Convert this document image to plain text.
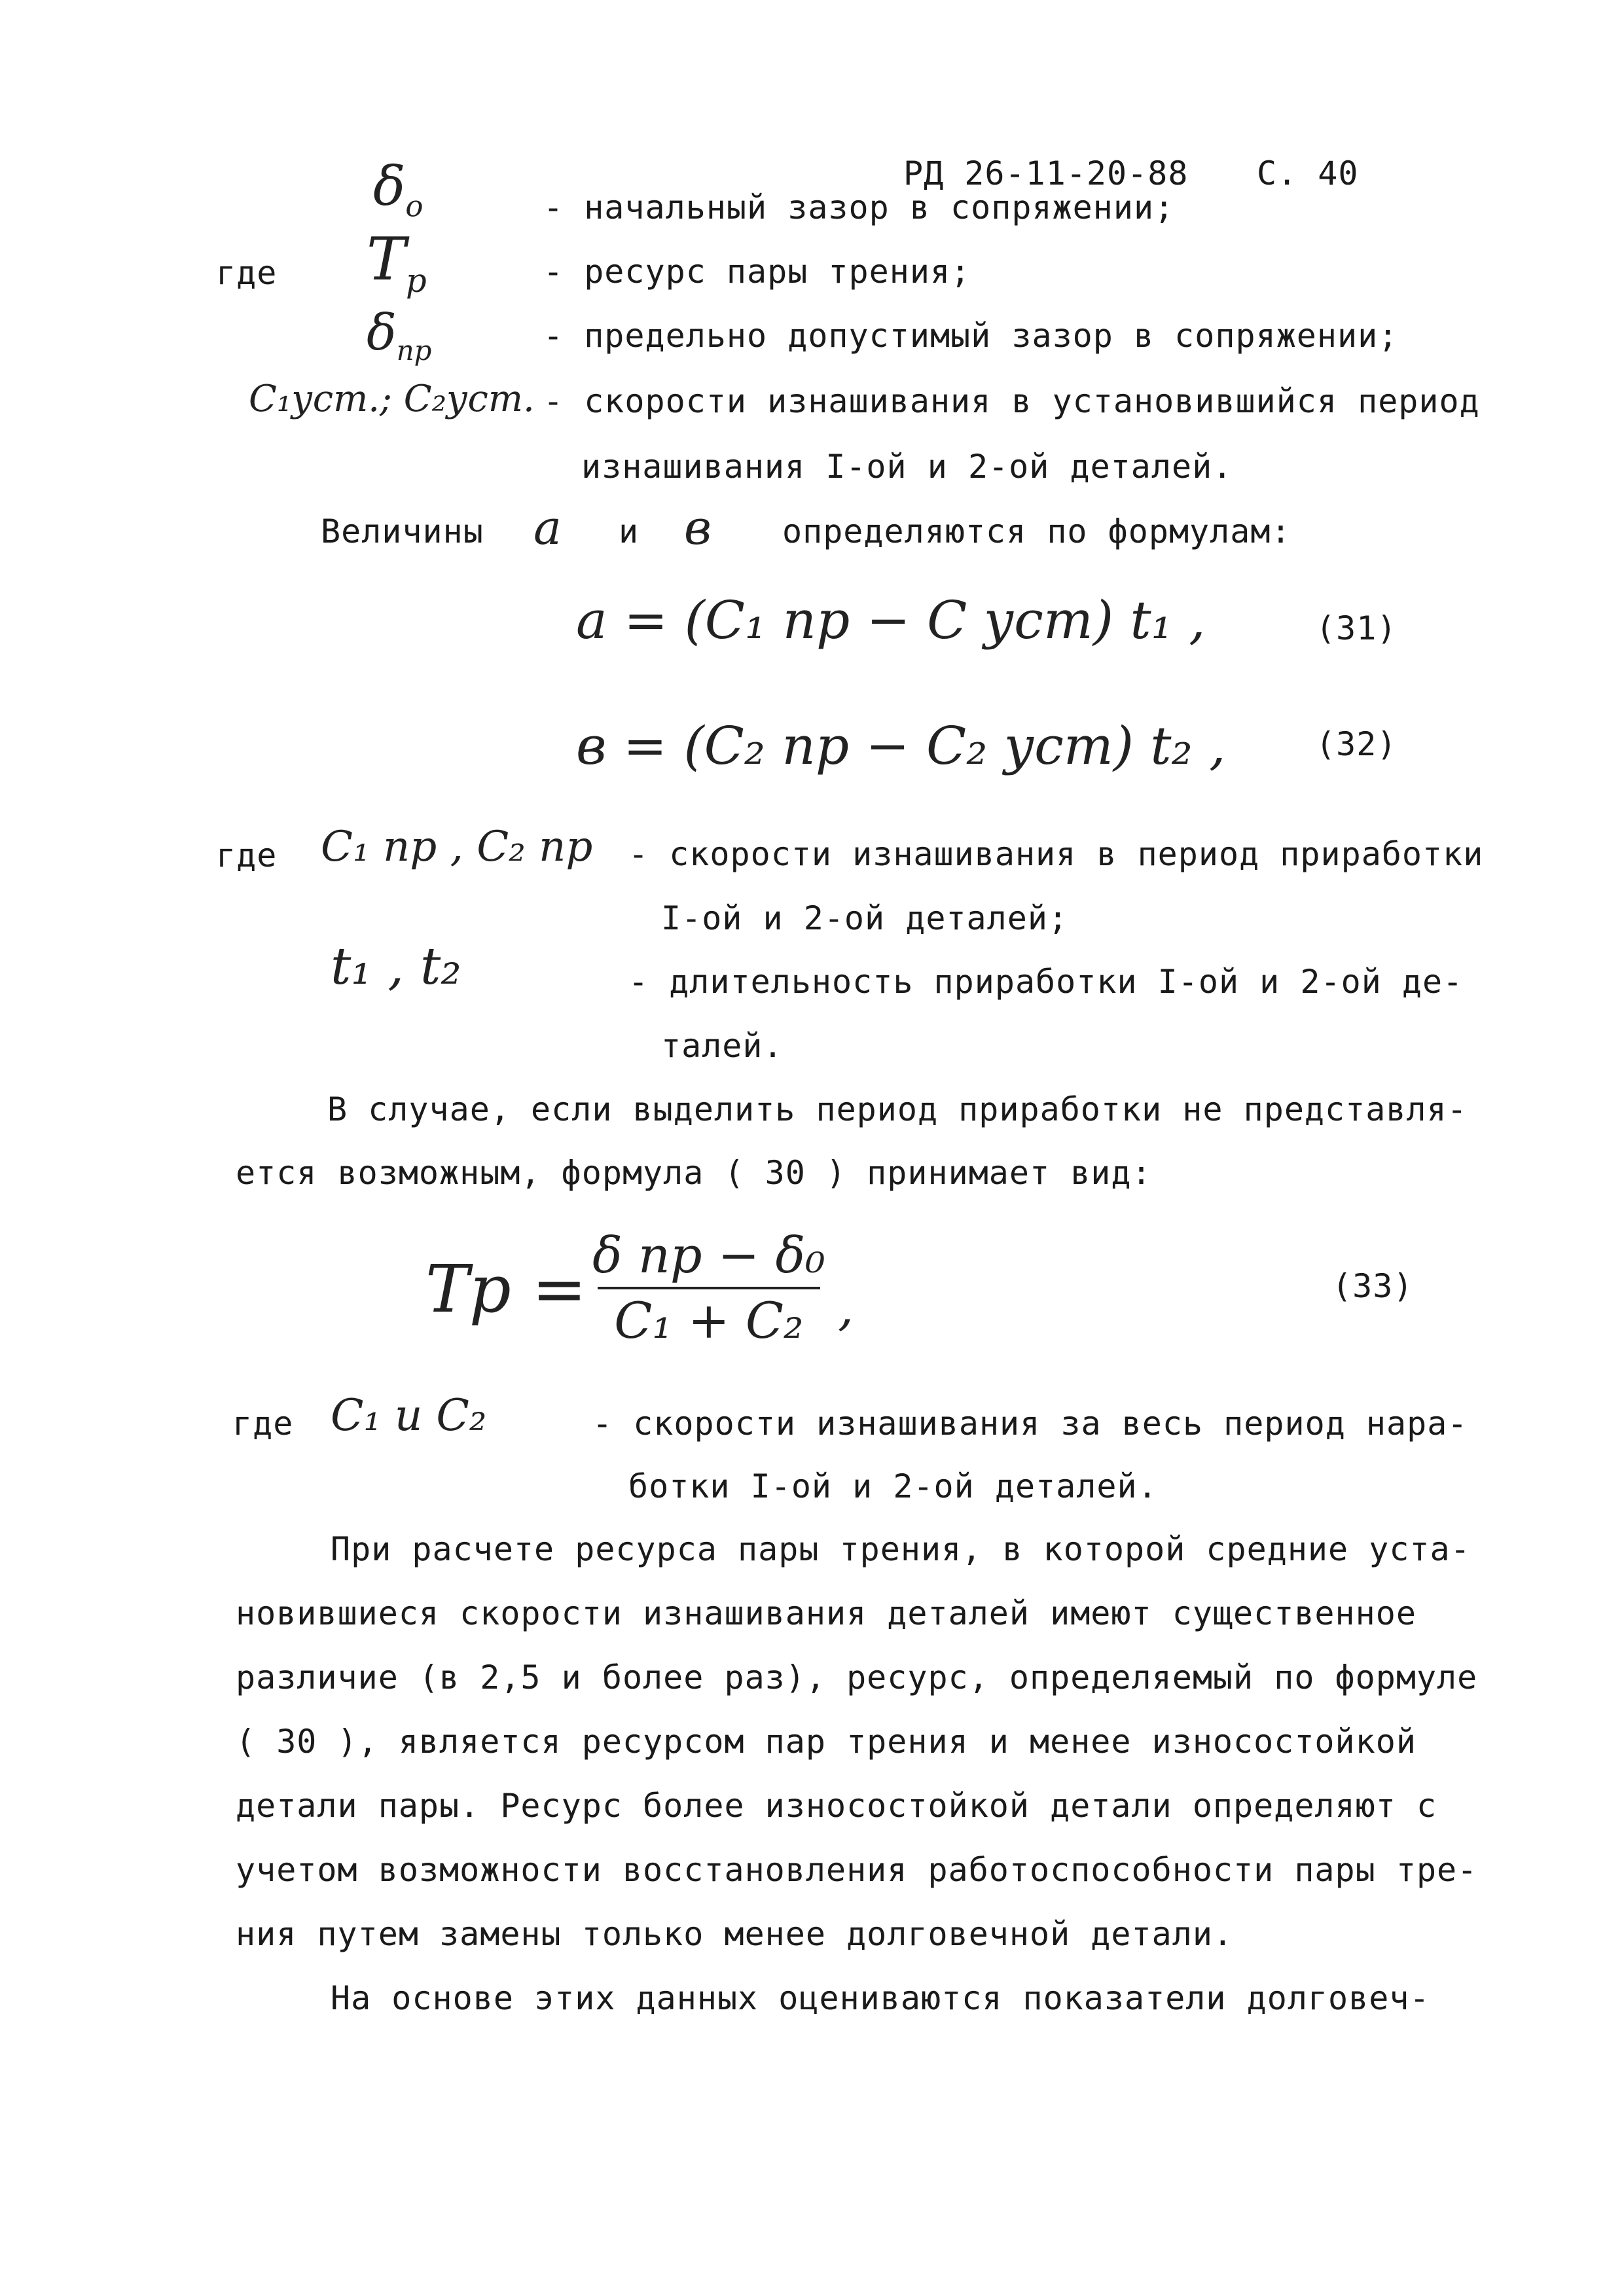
РД 26-11-20-88 С. 40
$\delta_o$	- начальный зазор в сопряжении;
где $Т_p$	- ресурс пары трения;
$\delta_{np}$	- предельно допустимый зазор в сопряжении;
C₁уст.; C₂уст. - скорости изнашивания в установившийся период
изнашивания I-ой и 2-ой деталей.
Величины a и в определяются по формулам:
a = (C₁ np − C уст) t₁ ,	(31)
в = (C₂ np − C₂ уст) t₂ ,	(32)
где C₁ np , C₂ np - скорости изнашивания в период приработки
I-ой и 2-ой деталей;
t₁ , t₂	- длительность приработки I-ой и 2-ой де-
талей.
В случае, если выделить период приработки не представля-
ется возможным, формула ( 30 ) принимает вид:
Тp = δ np − δ₀
C₁ + C₂ ,	(33)
где C₁ и C₂	- скорости изнашивания за весь период нара-
ботки I-ой и 2-ой деталей.
При расчете ресурса пары трения, в которой средние уста-
новившиеся скорости изнашивания деталей имеют существенное
различие (в 2,5 и более раз), ресурс, определяемый по формуле
( 30 ), является ресурсом пар трения и менее износостойкой
детали пары. Ресурс более износостойкой детали определяют с
учетом возможности восстановления работоспособности пары тре-
ния путем замены только менее долговечной детали.
На основе этих данных оцениваются показатели долговеч-
